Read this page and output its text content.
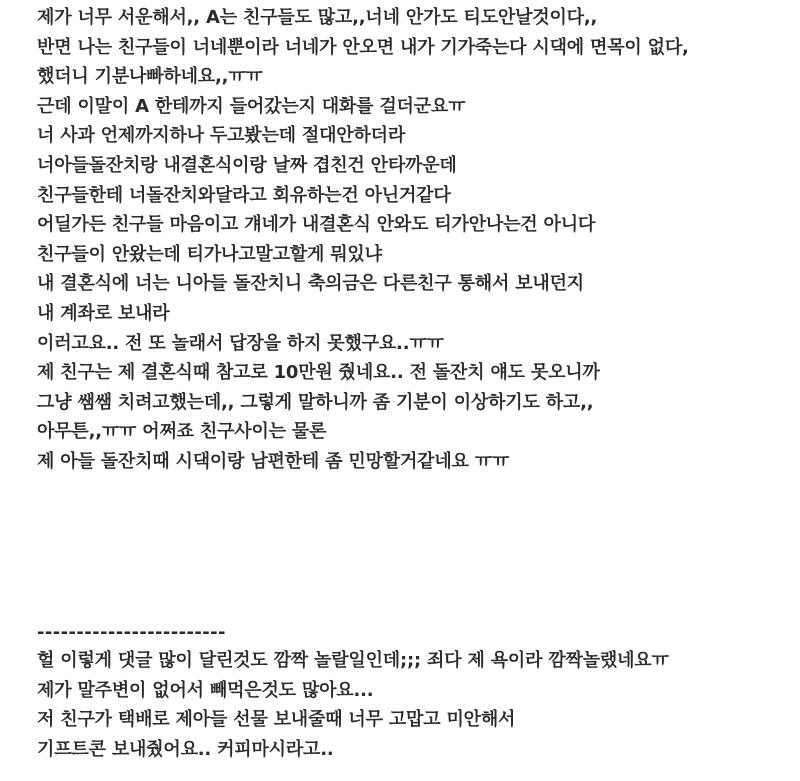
제가 너무 서운해서,, A는 친구들도 많고,,너네 안가도 티도안날것이다,,
반면 나는 친구들이 너네뿐이라 너네가 안오면 내가 기가죽는다 시댁에 면목이 없다,
했더니 기분나빠하네요,,ㅠㅠ
근데 이말이 A 한테까지 들어갔는지 대화를 걸더군요ㅠ
너 사과 언제까지하나 두고봤는데 절대안하더라
너아들돌잔치랑 내결혼식이랑 날짜 겹친건 안타까운데
친구들한테 너돌잔치와달라고 회유하는건 아닌거같다
어딜가든 친구들 마음이고 걔네가 내결혼식 안와도 티가안나는건 아니다
친구들이 안왔는데 티가나고말고할게 뭐있냐
내 결혼식에 너는 니아들 돌잔치니 축의금은 다른친구 통해서 보내던지
내 계좌로 보내라
이러고요.. 전 또 놀래서 답장을 하지 못했구요..ㅠㅠ
제 친구는 제 결혼식때 참고로 10만원 줬네요.. 전 돌잔치 얘도 못오니까
그냥 쌤쌤 치려고했는데,, 그렇게 말하니까 좀 기분이 이상하기도 하고,,
아무튼,,ㅠㅠ 어쩌죠 친구사이는 물론
제 아들 돌잔치때 시댁이랑 남편한테 좀 민망할거같네요 ㅠㅠ
------------------------
헐 이렇게 댓글 많이 달린것도 깜짝 놀랄일인데;;; 죄다 제 욕이라 깜짝놀랬네요ㅠ
제가 말주변이 없어서 빼먹은것도 많아요...
저 친구가 택배로 제아들 선물 보내줄때 너무 고맙고 미안해서
기프트콘 보내줬어요.. 커피마시라고..
